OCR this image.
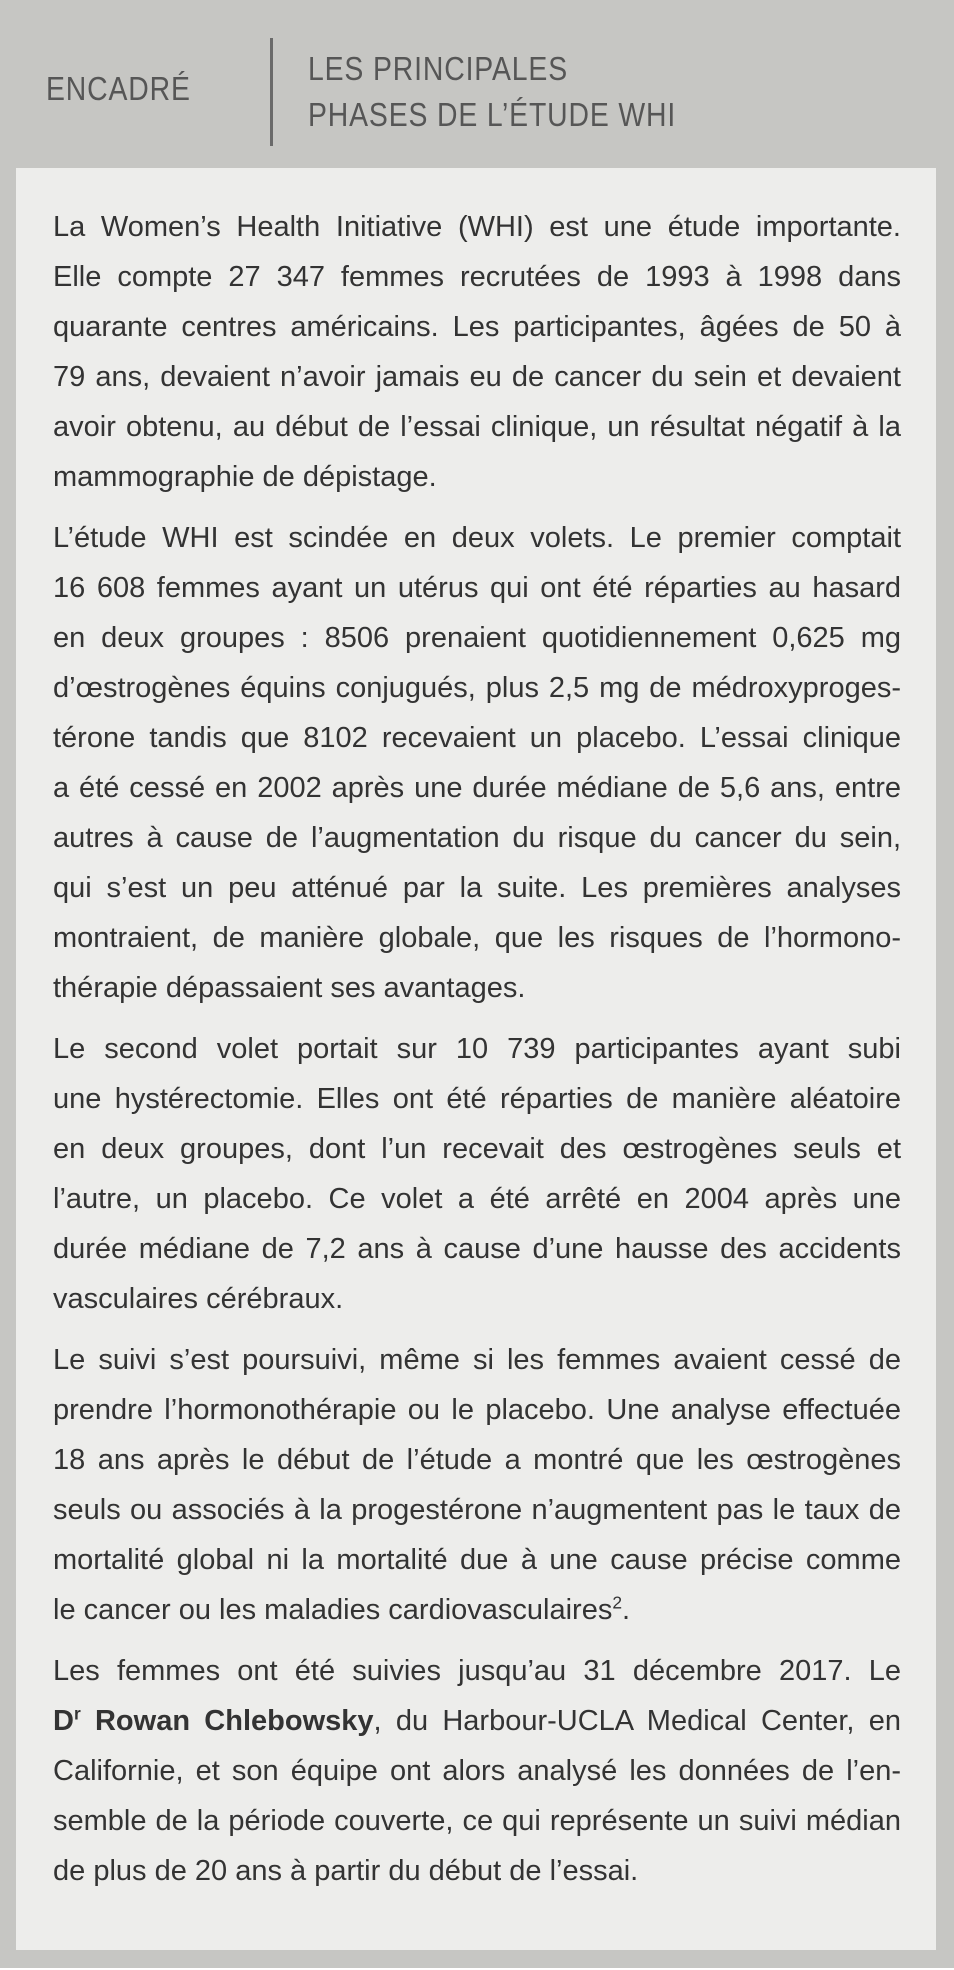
ENCADRÉ
LES PRINCIPALES
PHASES DE L’ÉTUDE WHI
La Women’s Health Initiative (WHI) est une étude importante.
Elle compte 27 347 femmes recrutées de 1993 à 1998 dans
quarante centres américains. Les participantes, âgées de 50 à
79 ans, devaient n’avoir jamais eu de cancer du sein et devaient
avoir obtenu, au début de l’essai clinique, un résultat négatif à la
mammographie de dépistage.
L’étude WHI est scindée en deux volets. Le premier comptait
16 608 femmes ayant un utérus qui ont été réparties au hasard
en deux groupes : 8506 prenaient quotidiennement 0,625 mg
d’œstrogènes équins conjugués, plus 2,5 mg de médroxyproges-
térone tandis que 8102 recevaient un placebo. L’essai clinique
a été cessé en 2002 après une durée médiane de 5,6 ans, entre
autres à cause de l’augmentation du risque du cancer du sein,
qui s’est un peu atténué par la suite. Les premières analyses
montraient, de manière globale, que les risques de l’hormono-
thérapie dépassaient ses avantages.
Le second volet portait sur 10 739 participantes ayant subi
une hystérectomie. Elles ont été réparties de manière aléatoire
en deux groupes, dont l’un recevait des œstrogènes seuls et
l’autre, un placebo. Ce volet a été arrêté en 2004 après une
durée médiane de 7,2 ans à cause d’une hausse des accidents
vasculaires cérébraux.
Le suivi s’est poursuivi, même si les femmes avaient cessé de
prendre l’hormonothérapie ou le placebo. Une analyse effectuée
18 ans après le début de l’étude a montré que les œstrogènes
seuls ou associés à la progestérone n’augmentent pas le taux de
mortalité global ni la mortalité due à une cause précise comme
le cancer ou les maladies cardiovasculaires$^2$.
Les femmes ont été suivies jusqu’au 31 décembre 2017. Le
$D^r$ Rowan Chlebowsky, du Harbour-UCLA Medical Center, en
Californie, et son équipe ont alors analysé les données de l’en-
semble de la période couverte, ce qui représente un suivi médian
de plus de 20 ans à partir du début de l’essai.
